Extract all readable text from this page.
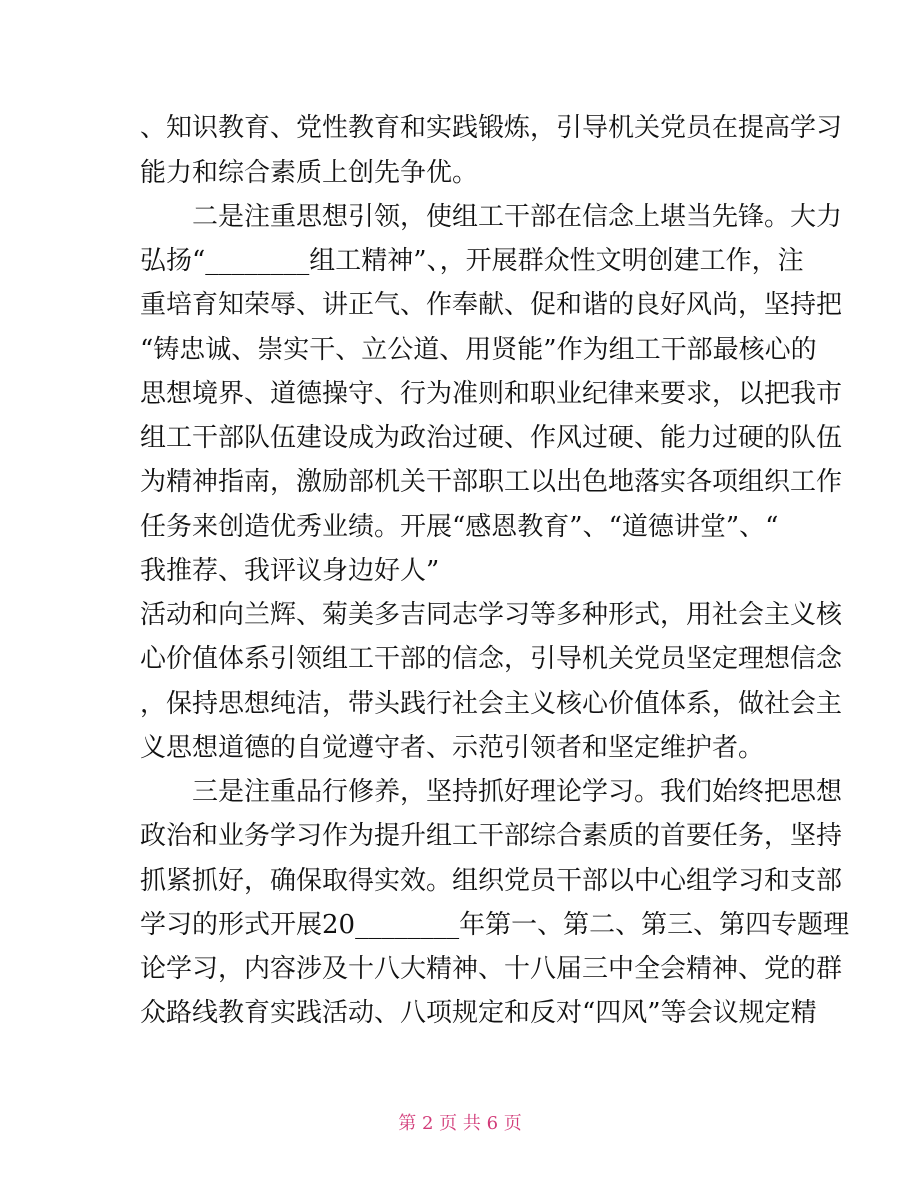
、知识教育、党性教育和实践锻炼，引导机关党员在提高学习
能力和综合素质上创先争优。
二是注重思想引领，使组工干部在信念上堪当先锋。大力
弘扬“________组工精神”、，开展群众性文明创建工作，注
重培育知荣辱、讲正气、作奉献、促和谐的良好风尚，坚持把
“铸忠诚、崇实干、立公道、用贤能”作为组工干部最核心的
思想境界、道德操守、行为准则和职业纪律来要求，以把我市
组工干部队伍建设成为政治过硬、作风过硬、能力过硬的队伍
为精神指南，激励部机关干部职工以出色地落实各项组织工作
任务来创造优秀业绩。开展“感恩教育”、“道德讲堂”、“
我推荐、我评议身边好人”
活动和向兰辉、菊美多吉同志学习等多种形式，用社会主义核
心价值体系引领组工干部的信念，引导机关党员坚定理想信念
，保持思想纯洁，带头践行社会主义核心价值体系，做社会主
义思想道德的自觉遵守者、示范引领者和坚定维护者。
三是注重品行修养，坚持抓好理论学习。我们始终把思想
政治和业务学习作为提升组工干部综合素质的首要任务，坚持
抓紧抓好，确保取得实效。组织党员干部以中心组学习和支部
学习的形式开展20________年第一、第二、第三、第四专题理
论学习，内容涉及十八大精神、十八届三中全会精神、党的群
众路线教育实践活动、八项规定和反对“四风”等会议规定精
第 2 页 共 6 页
